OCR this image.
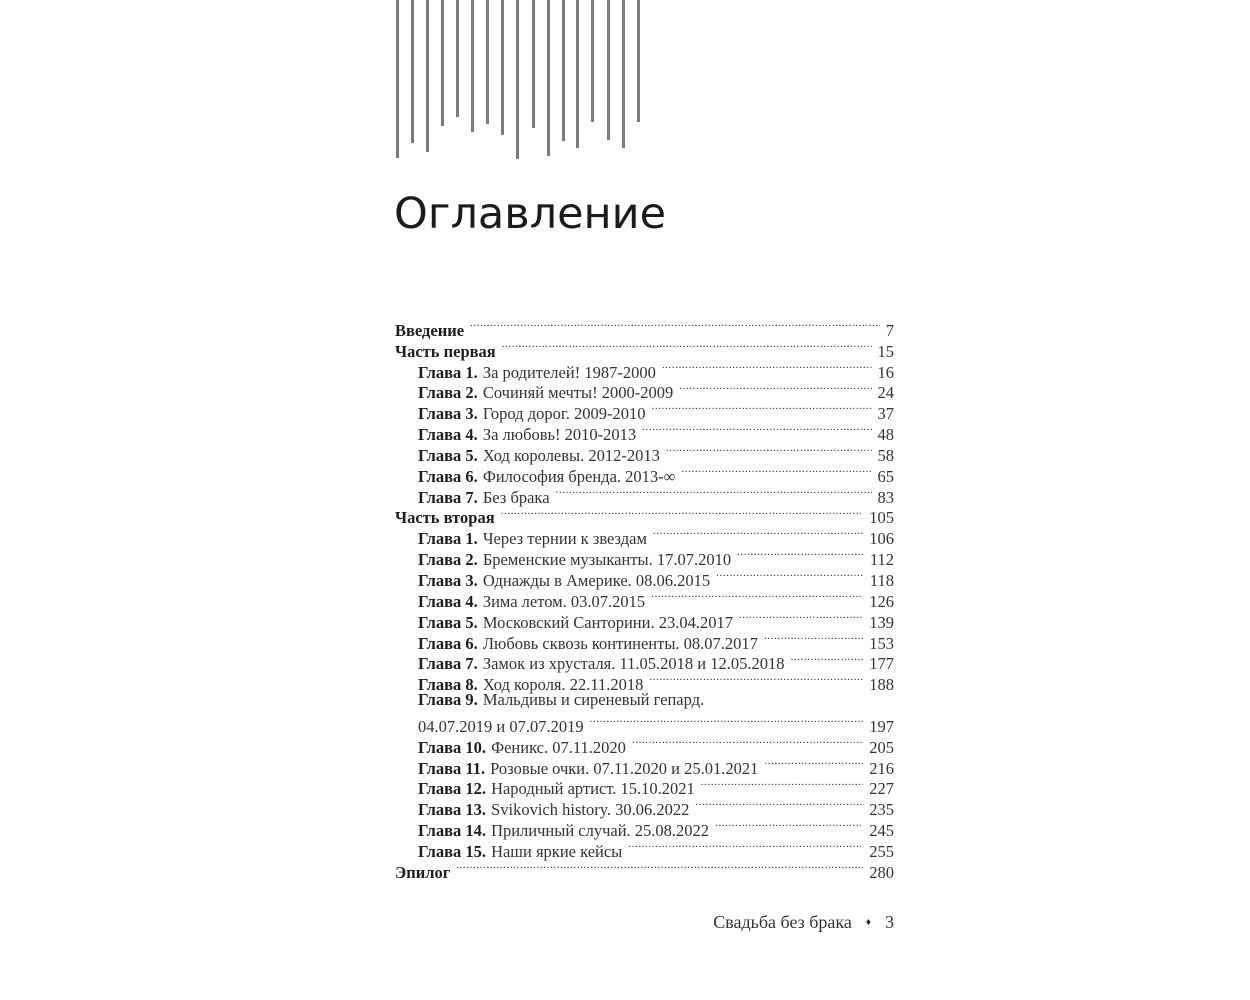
Оглавление
Введение .....	7
Часть первая .....	15
Глава 1. За родителей! 1987-2000 .....	16
Глава 2. Сочиняй мечты! 2000-2009 .....	24
Глава 3. Город дорог. 2009-2010 .....	37
Глава 4. За любовь! 2010-2013 .....	48
Глава 5. Ход королевы. 2012-2013 .....	58
Глава 6. Философия бренда. 2013-∞ .....	65
Глава 7. Без брака .....	83
Часть вторая .....	105
Глава 1. Через тернии к звездам .....	106
Глава 2. Бременские музыканты. 17.07.2010 .....	112
Глава 3. Однажды в Америке. 08.06.2015 .....	118
Глава 4. Зима летом. 03.07.2015 .....	126
Глава 5. Московский Санторини. 23.04.2017 .....	139
Глава 6. Любовь сквозь континенты. 08.07.2017 .....	153
Глава 7. Замок из хрусталя. 11.05.2018 и 12.05.2018 .....	177
Глава 8. Ход короля. 22.11.2018 .....	188
Глава 9. Мальдивы и сиреневый гепард.
04.07.2019 и 07.07.2019 .....	197
Глава 10. Феникс. 07.11.2020 .....	205
Глава 11. Розовые очки. 07.11.2020 и 25.01.2021 .....	216
Глава 12. Народный артист. 15.10.2021 .....	227
Глава 13. Svikovich history. 30.06.2022 .....	235
Глава 14. Приличный случай. 25.08.2022 .....	245
Глава 15. Наши яркие кейсы .....	255
Эпилог .....	280
Свадьба без брака ♦ 3
